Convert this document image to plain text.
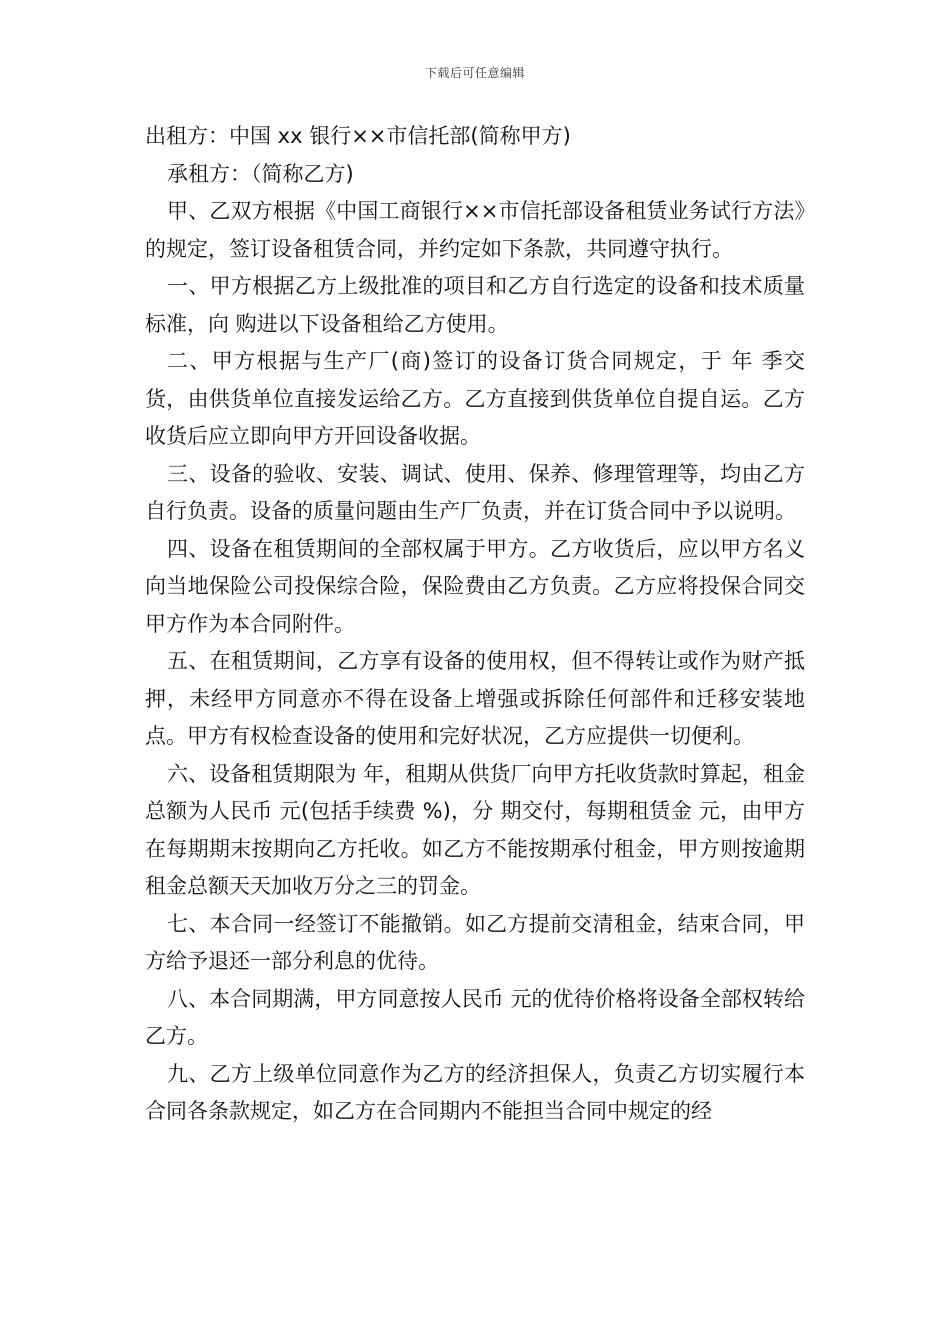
下载后可任意编辑

出租方：中国 xx 银行××市信托部(简称甲方)

承租方：（简称乙方)

甲、乙双方根据《中国工商银行××市信托部设备租赁业务试行方法》的规定，签订设备租赁合同，并约定如下条款，共同遵守执行。

一、甲方根据乙方上级批准的项目和乙方自行选定的设备和技术质量标准，向 购进以下设备租给乙方使用。

二、甲方根据与生产厂(商)签订的设备订货合同规定，于 年 季交货，由供货单位直接发运给乙方。乙方直接到供货单位自提自运。乙方收货后应立即向甲方开回设备收据。

三、设备的验收、安装、调试、使用、保养、修理管理等，均由乙方自行负责。设备的质量问题由生产厂负责，并在订货合同中予以说明。

四、设备在租赁期间的全部权属于甲方。乙方收货后，应以甲方名义向当地保险公司投保综合险，保险费由乙方负责。乙方应将投保合同交甲方作为本合同附件。

五、在租赁期间，乙方享有设备的使用权，但不得转让或作为财产抵押，未经甲方同意亦不得在设备上增强或拆除任何部件和迁移安装地点。甲方有权检查设备的使用和完好状况，乙方应提供一切便利。

六、设备租赁期限为 年，租期从供货厂向甲方托收货款时算起，租金总额为人民币 元(包括手续费 %)，分 期交付，每期租赁金 元，由甲方在每期期末按期向乙方托收。如乙方不能按期承付租金，甲方则按逾期租金总额天天加收万分之三的罚金。

七、本合同一经签订不能撤销。如乙方提前交清租金，结束合同，甲方给予退还一部分利息的优待。

八、本合同期满，甲方同意按人民币 元的优待价格将设备全部权转给乙方。

九、乙方上级单位同意作为乙方的经济担保人，负责乙方切实履行本合同各条款规定，如乙方在合同期内不能担当合同中规定的经
